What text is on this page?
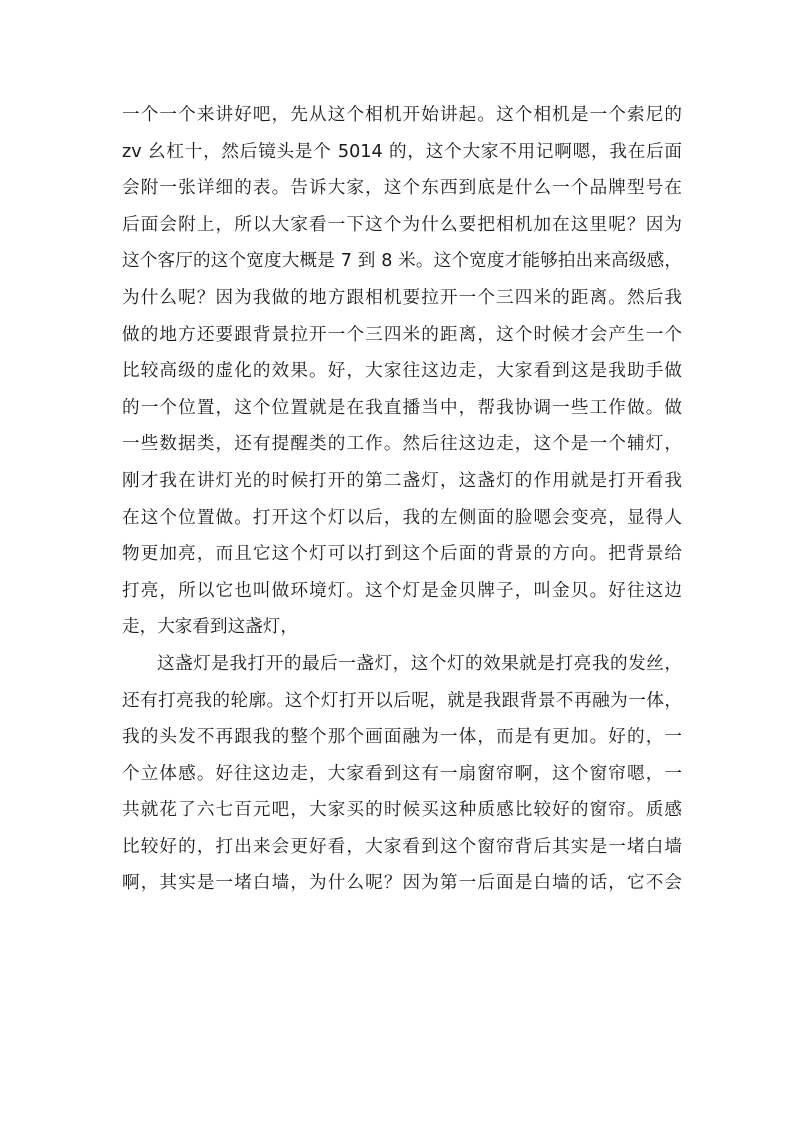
一个一个来讲好吧，先从这个相机开始讲起。这个相机是一个索尼的
zv 幺杠十，然后镜头是个 5014 的，这个大家不用记啊嗯，我在后面
会附一张详细的表。告诉大家，这个东西到底是什么一个品牌型号在
后面会附上，所以大家看一下这个为什么要把相机加在这里呢？因为
这个客厅的这个宽度大概是 7 到 8 米。这个宽度才能够拍出来高级感，
为什么呢？因为我做的地方跟相机要拉开一个三四米的距离。然后我
做的地方还要跟背景拉开一个三四米的距离，这个时候才会产生一个
比较高级的虚化的效果。好，大家往这边走，大家看到这是我助手做
的一个位置，这个位置就是在我直播当中，帮我协调一些工作做。做
一些数据类，还有提醒类的工作。然后往这边走，这个是一个辅灯，
刚才我在讲灯光的时候打开的第二盏灯，这盏灯的作用就是打开看我
在这个位置做。打开这个灯以后，我的左侧面的脸嗯会变亮，显得人
物更加亮，而且它这个灯可以打到这个后面的背景的方向。把背景给
打亮，所以它也叫做环境灯。这个灯是金贝牌子，叫金贝。好往这边
走，大家看到这盏灯，

这盏灯是我打开的最后一盏灯，这个灯的效果就是打亮我的发丝，
还有打亮我的轮廓。这个灯打开以后呢，就是我跟背景不再融为一体，
我的头发不再跟我的整个那个画面融为一体，而是有更加。好的，一
个立体感。好往这边走，大家看到这有一扇窗帘啊，这个窗帘嗯，一
共就花了六七百元吧，大家买的时候买这种质感比较好的窗帘。质感
比较好的，打出来会更好看，大家看到这个窗帘背后其实是一堵白墙
啊，其实是一堵白墙，为什么呢？因为第一后面是白墙的话，它不会
